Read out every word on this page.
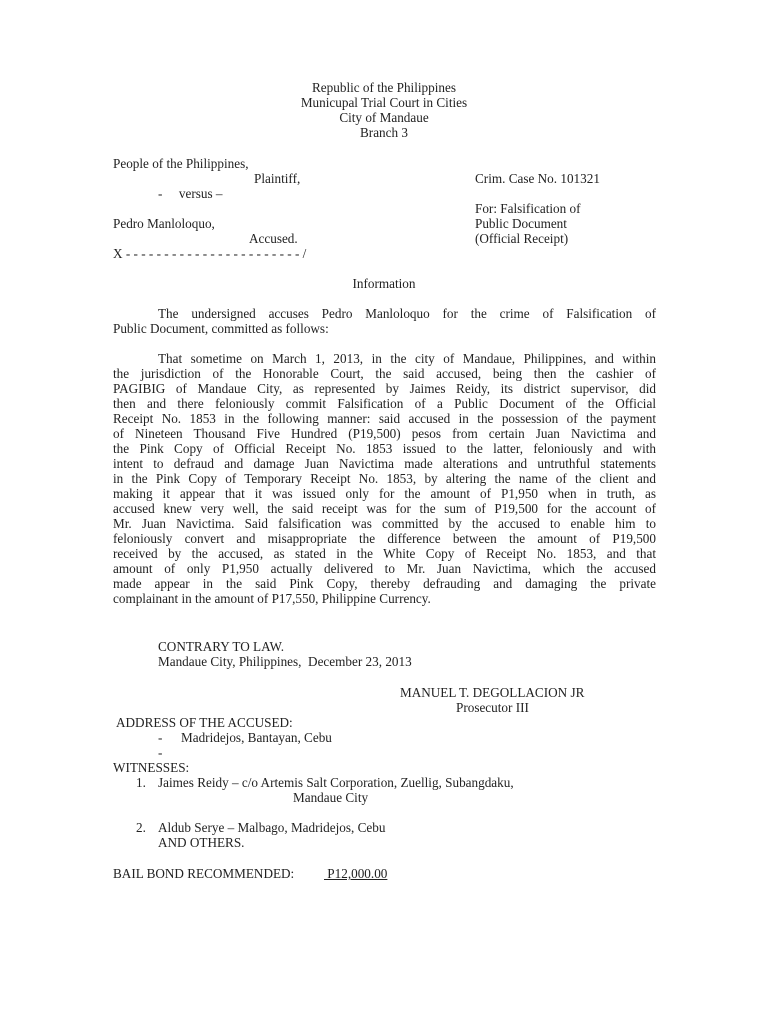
Republic of the Philippines
Municupal Trial Court in Cities
City of Mandaue
Branch 3
People of the Philippines,
Plaintiff,	Crim. Case No. 101321
-     versus –
For: Falsification of
Pedro Manloloquo,	Public Document
Accused.	(Official Receipt)
X - - - - - - - - - - - - - - - - - - - - - - - /
Information
The undersigned accuses Pedro Manloloquo for the crime of Falsification of
Public Document, committed as follows:
That sometime on March 1, 2013, in the city of Mandaue, Philippines, and within
the jurisdiction of the Honorable Court, the said accused, being then the cashier of
PAGIBIG of Mandaue City, as represented by Jaimes Reidy, its district supervisor, did
then and there feloniously commit Falsification of a Public Document of the Official
Receipt No. 1853 in the following manner: said accused in the possession of the payment
of Nineteen Thousand Five Hundred (P19,500) pesos from certain Juan Navictima and
the Pink Copy of Official Receipt No. 1853 issued to the latter, feloniously and with
intent to defraud and damage Juan Navictima made alterations and untruthful statements
in the Pink Copy of Temporary Receipt No. 1853, by altering the name of the client and
making it appear that it was issued only for the amount of P1,950 when in truth, as
accused knew very well, the said receipt was for the sum of P19,500 for the account of
Mr. Juan Navictima. Said falsification was committed by the accused to enable him to
feloniously convert and misappropriate the difference between the amount of P19,500
received by the accused, as stated in the White Copy of Receipt No. 1853, and that
amount of only P1,950 actually delivered to Mr. Juan Navictima, which the accused
made appear in the said Pink Copy, thereby defrauding and damaging the private
complainant in the amount of P17,550, Philippine Currency.
CONTRARY TO LAW.
Mandaue City, Philippines,  December 23, 2013
MANUEL T. DEGOLLACION JR
Prosecutor III
ADDRESS OF THE ACCUSED:
- Madridejos, Bantayan, Cebu
-
WITNESSES:
1. Jaimes Reidy – c/o Artemis Salt Corporation, Zuellig, Subangdaku,
Mandaue City
2. Aldub Serye – Malbago, Madridejos, Cebu
AND OTHERS.
BAIL BOND RECOMMENDED: P12,000.00
